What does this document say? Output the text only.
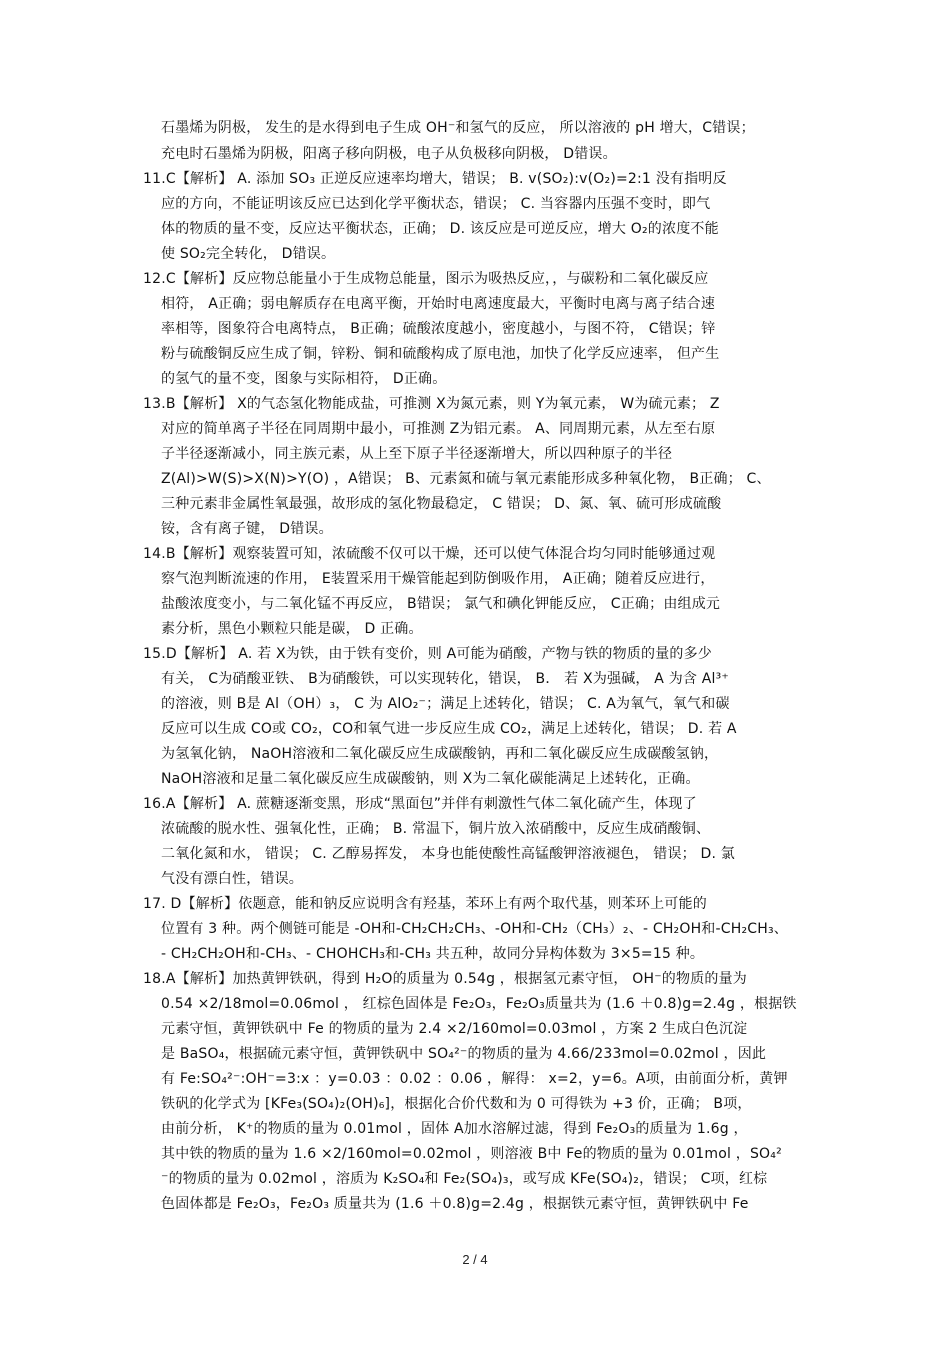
石墨烯为阴极， 发生的是水得到电子生成 OH⁻和氢气的反应， 所以溶液的 pH 增大，C错误；
充电时石墨烯为阴极，阳离子移向阴极，电子从负极移向阴极， D错误。
11.C【解析】 A. 添加 SO₃ 正逆反应速率均增大，错误； B. v(SO₂):v(O₂)=2:1 没有指明反
应的方向，不能证明该反应已达到化学平衡状态，错误； C. 当容器内压强不变时，即气
体的物质的量不变，反应达平衡状态，正确； D. 该反应是可逆反应，增大 O₂的浓度不能
使 SO₂完全转化， D错误。
12.C【解析】反应物总能量小于生成物总能量，图示为吸热反应，，与碳粉和二氧化碳反应
相符， A正确；弱电解质存在电离平衡，开始时电离速度最大，平衡时电离与离子结合速
率相等，图象符合电离特点， B正确；硫酸浓度越小，密度越小，与图不符， C错误；锌
粉与硫酸铜反应生成了铜，锌粉、铜和硫酸构成了原电池，加快了化学反应速率， 但产生
的氢气的量不变，图象与实际相符， D正确。
13.B【解析】 X的气态氢化物能成盐，可推测 X为氮元素，则 Y为氧元素， W为硫元素； Z
对应的简单离子半径在同周期中最小，可推测 Z为铝元素。 A、同周期元素，从左至右原
子半径逐渐减小，同主族元素，从上至下原子半径逐渐增大，所以四种原子的半径
Z(Al)>W(S)>X(N)>Y(O) ，A错误； B、元素氮和硫与氧元素能形成多种氧化物， B正确； C、
三种元素非金属性氧最强，故形成的氢化物最稳定， C 错误； D、氮、氧、硫可形成硫酸
铵，含有离子键， D错误。
14.B【解析】观察装置可知，浓硫酸不仅可以干燥，还可以使气体混合均匀同时能够通过观
察气泡判断流速的作用， E装置采用干燥管能起到防倒吸作用， A正确；随着反应进行，
盐酸浓度变小，与二氧化锰不再反应， B错误； 氯气和碘化钾能反应， C正确；由组成元
素分析，黑色小颗粒只能是碳， D 正确。
15.D【解析】 A. 若 X为铁，由于铁有变价，则 A可能为硝酸，产物与铁的物质的量的多少
有关， C为硝酸亚铁、 B为硝酸铁，可以实现转化，错误， B． 若 X为强碱， A 为含 Al³⁺
的溶液，则 B是 Al（OH）₃， C 为 AlO₂⁻；满足上述转化，错误； C. A为氧气，氧气和碳
反应可以生成 CO或 CO₂，CO和氧气进一步反应生成 CO₂，满足上述转化，错误； D. 若 A
为氢氧化钠， NaOH溶液和二氧化碳反应生成碳酸钠，再和二氧化碳反应生成碳酸氢钠，
NaOH溶液和足量二氧化碳反应生成碳酸钠，则 X为二氧化碳能满足上述转化，正确。
16.A【解析】 A. 蔗糖逐渐变黑，形成“黑面包”并伴有刺激性气体二氧化硫产生，体现了
浓硫酸的脱水性、强氧化性，正确； B. 常温下，铜片放入浓硝酸中，反应生成硝酸铜、
二氧化氮和水， 错误； C. 乙醇易挥发， 本身也能使酸性高锰酸钾溶液褪色， 错误； D. 氯
气没有漂白性，错误。
17. D【解析】依题意，能和钠反应说明含有羟基，苯环上有两个取代基，则苯环上可能的
位置有 3 种。两个侧链可能是 -OH和-CH₂CH₂CH₃、-OH和-CH₂（CH₃）₂、- CH₂OH和-CH₂CH₃、
- CH₂CH₂OH和-CH₃、- CHOHCH₃和-CH₃ 共五种，故同分异构体数为 3×5=15 种。
18.A【解析】加热黄钾铁矾，得到 H₂O的质量为 0.54g ，根据氢元素守恒， OH⁻的物质的量为
0.54 ×2/18mol=0.06mol ， 红棕色固体是 Fe₂O₃，Fe₂O₃质量共为 (1.6 ＋0.8)g=2.4g ，根据铁
元素守恒，黄钾铁矾中 Fe 的物质的量为 2.4 ×2/160mol=0.03mol ，方案 2 生成白色沉淀
是 BaSO₄，根据硫元素守恒，黄钾铁矾中 SO₄²⁻的物质的量为 4.66/233mol=0.02mol ，因此
有 Fe:SO₄²⁻:OH⁻=3:x ：y=0.03 ：0.02 ：0.06 ，解得： x=2，y=6。A项，由前面分析，黄钾
铁矾的化学式为 [KFe₃(SO₄)₂(OH)₆]，根据化合价代数和为 0 可得铁为 +3 价，正确； B项，
由前分析， K⁺的物质的量为 0.01mol ，固体 A加水溶解过滤，得到 Fe₂O₃的质量为 1.6g ，
其中铁的物质的量为 1.6 ×2/160mol=0.02mol ，则溶液 B中 Fe的物质的量为 0.01mol ，SO₄²
⁻的物质的量为 0.02mol ，溶质为 K₂SO₄和 Fe₂(SO₄)₃，或写成 KFe(SO₄)₂，错误； C项，红棕
色固体都是 Fe₂O₃，Fe₂O₃ 质量共为 (1.6 ＋0.8)g=2.4g ，根据铁元素守恒，黄钾铁矾中 Fe
2 / 4
